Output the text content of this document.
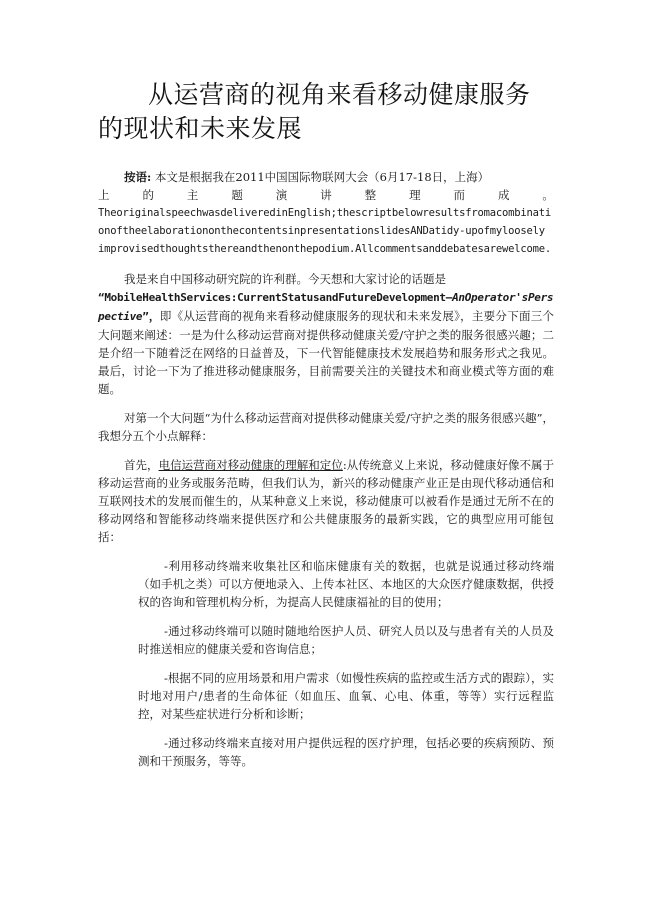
从运营商的视角来看移动健康服务的现状和未来发展
按语: 本文是根据我在2011中国国际物联网大会（6月17-18日，上海）
上	的	主	题	演	讲	整	理	而	成	。
TheoriginalspeechwasdeliveredinEnglish;thescriptbelowresultsfromacombinationoftheelaborationonthecontentsinpresentationslidesANDatidy-upofmyloosely improvisedthoughtsthereandthenonthepodium.Allcommentsanddebatesarewelcome.
我是来自中国移动研究院的许利群。今天想和大家讨论的话题是
“MobileHealthServices:CurrentStatusandFutureDevelopment—AnOperator'sPerspective”，即《从运营商的视角来看移动健康服务的现状和未来发展》，主要分下面三个大问题来阐述：一是为什么移动运营商对提供移动健康关爱/守护之类的服务很感兴趣；二是介绍一下随着泛在网络的日益普及，下一代智能健康技术发展趋势和服务形式之我见。最后，讨论一下为了推进移动健康服务，目前需要关注的关键技术和商业模式等方面的难题。
对第一个大问题“为什么移动运营商对提供移动健康关爱/守护之类的服务很感兴趣”，我想分五个小点解释：
首先，电信运营商对移动健康的理解和定位:从传统意义上来说，移动健康好像不属于移动运营商的业务或服务范畴，但我们认为，新兴的移动健康产业正是由现代移动通信和互联网技术的发展而催生的，从某种意义上来说，移动健康可以被看作是通过无所不在的移动网络和智能移动终端来提供医疗和公共健康服务的最新实践，它的典型应用可能包括：
-利用移动终端来收集社区和临床健康有关的数据，也就是说通过移动终端（如手机之类）可以方便地录入、上传本社区、本地区的大众医疗健康数据，供授权的咨询和管理机构分析，为提高人民健康福祉的目的使用；
-通过移动终端可以随时随地给医护人员、研究人员以及与患者有关的人员及时推送相应的健康关爱和咨询信息；
-根据不同的应用场景和用户需求（如慢性疾病的监控或生活方式的跟踪），实时地对用户/患者的生命体征（如血压、血氧、心电、体重，等等）实行远程监控，对某些症状进行分析和诊断；
-通过移动终端来直接对用户提供远程的医疗护理，包括必要的疾病预防、预测和干预服务，等等。
